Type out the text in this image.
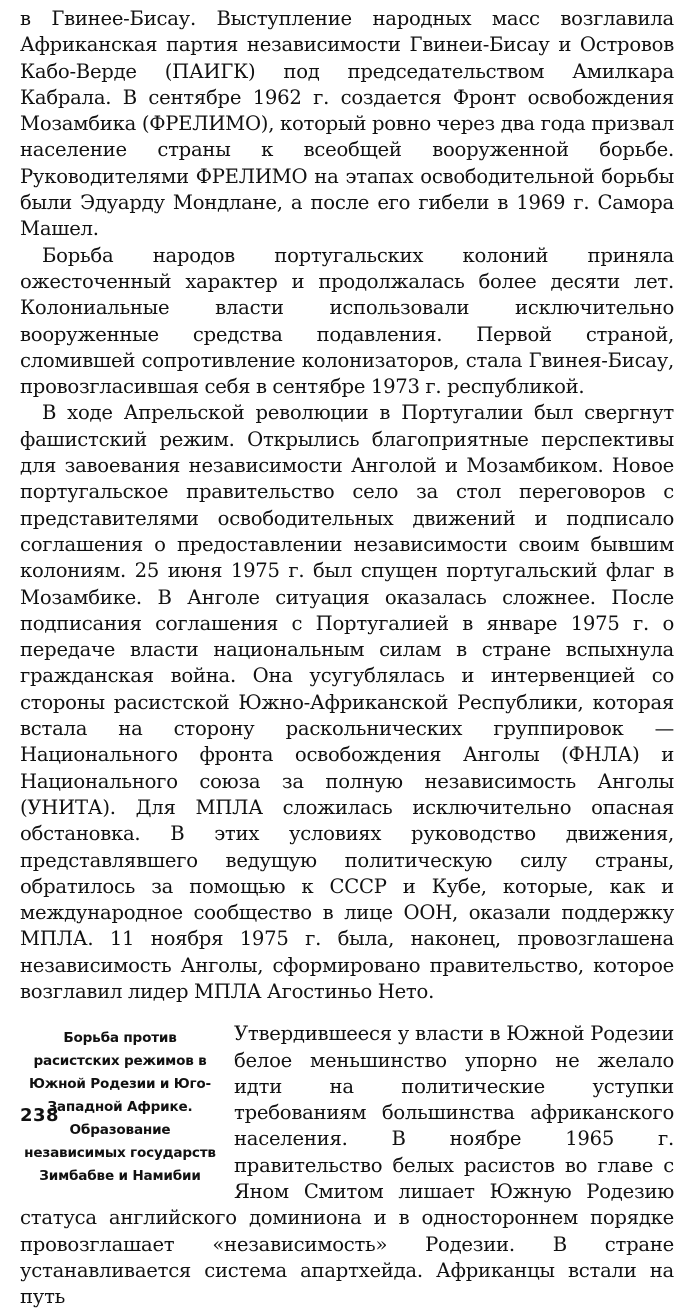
в Гвинее-Бисау. Выступление народных масс возглавила Африканская партия независимости Гвинеи-Бисау и Островов Кабо-Верде (ПАИГК) под председательством Амилкара Кабрала. В сентябре 1962 г. создается Фронт освобождения Мозамбика (ФРЕЛИМО), который ровно через два года призвал население страны к всеобщей вооруженной борьбе. Руководителями ФРЕЛИМО на этапах освободительной борьбы были Эдуарду Мондлане, а после его гибели в 1969 г. Самора Машел.

Борьба народов португальских колоний приняла ожесточенный характер и продолжалась более десяти лет. Колониальные власти использовали исключительно вооруженные средства подавления. Первой страной, сломившей сопротивление колонизаторов, стала Гвинея-Бисау, провозгласившая себя в сентябре 1973 г. республикой.

В ходе Апрельской революции в Португалии был свергнут фашистский режим. Открылись благоприятные перспективы для завоевания независимости Анголой и Мозамбиком. Новое португальское правительство село за стол переговоров с представителями освободительных движений и подписало соглашения о предоставлении независимости своим бывшим колониям. 25 июня 1975 г. был спущен португальский флаг в Мозамбике. В Анголе ситуация оказалась сложнее. После подписания соглашения с Португалией в январе 1975 г. о передаче власти национальным силам в стране вспыхнула гражданская война. Она усугублялась и интервенцией со стороны расистской Южно-Африканской Республики, которая встала на сторону раскольнических группировок — Национального фронта освобождения Анголы (ФНЛА) и Национального союза за полную независимость Анголы (УНИТА). Для МПЛА сложилась исключительно опасная обстановка. В этих условиях руководство движения, представлявшего ведущую политическую силу страны, обратилось за помощью к СССР и Кубе, которые, как и международное сообщество в лице ООН, оказали поддержку МПЛА. 11 ноября 1975 г. была, наконец, провозглашена независимость Анголы, сформировано правительство, которое возглавил лидер МПЛА Агостиньо Нето.

Борьба против расистских режимов в Южной Родезии и Юго-Западной Африке. Образование независимых государств Зимбабве и Намибии

Утвердившееся у власти в Южной Родезии белое меньшинство упорно не желало идти на политические уступки требованиям большинства африканского населения. В ноябре 1965 г. правительство белых расистов во главе с Яном Смитом лишает Южную Родезию статуса английского доминиона и в одностороннем порядке провозглашает «независимость» Родезии. В стране устанавливается система апартхейда. Африканцы встали на путь

238
